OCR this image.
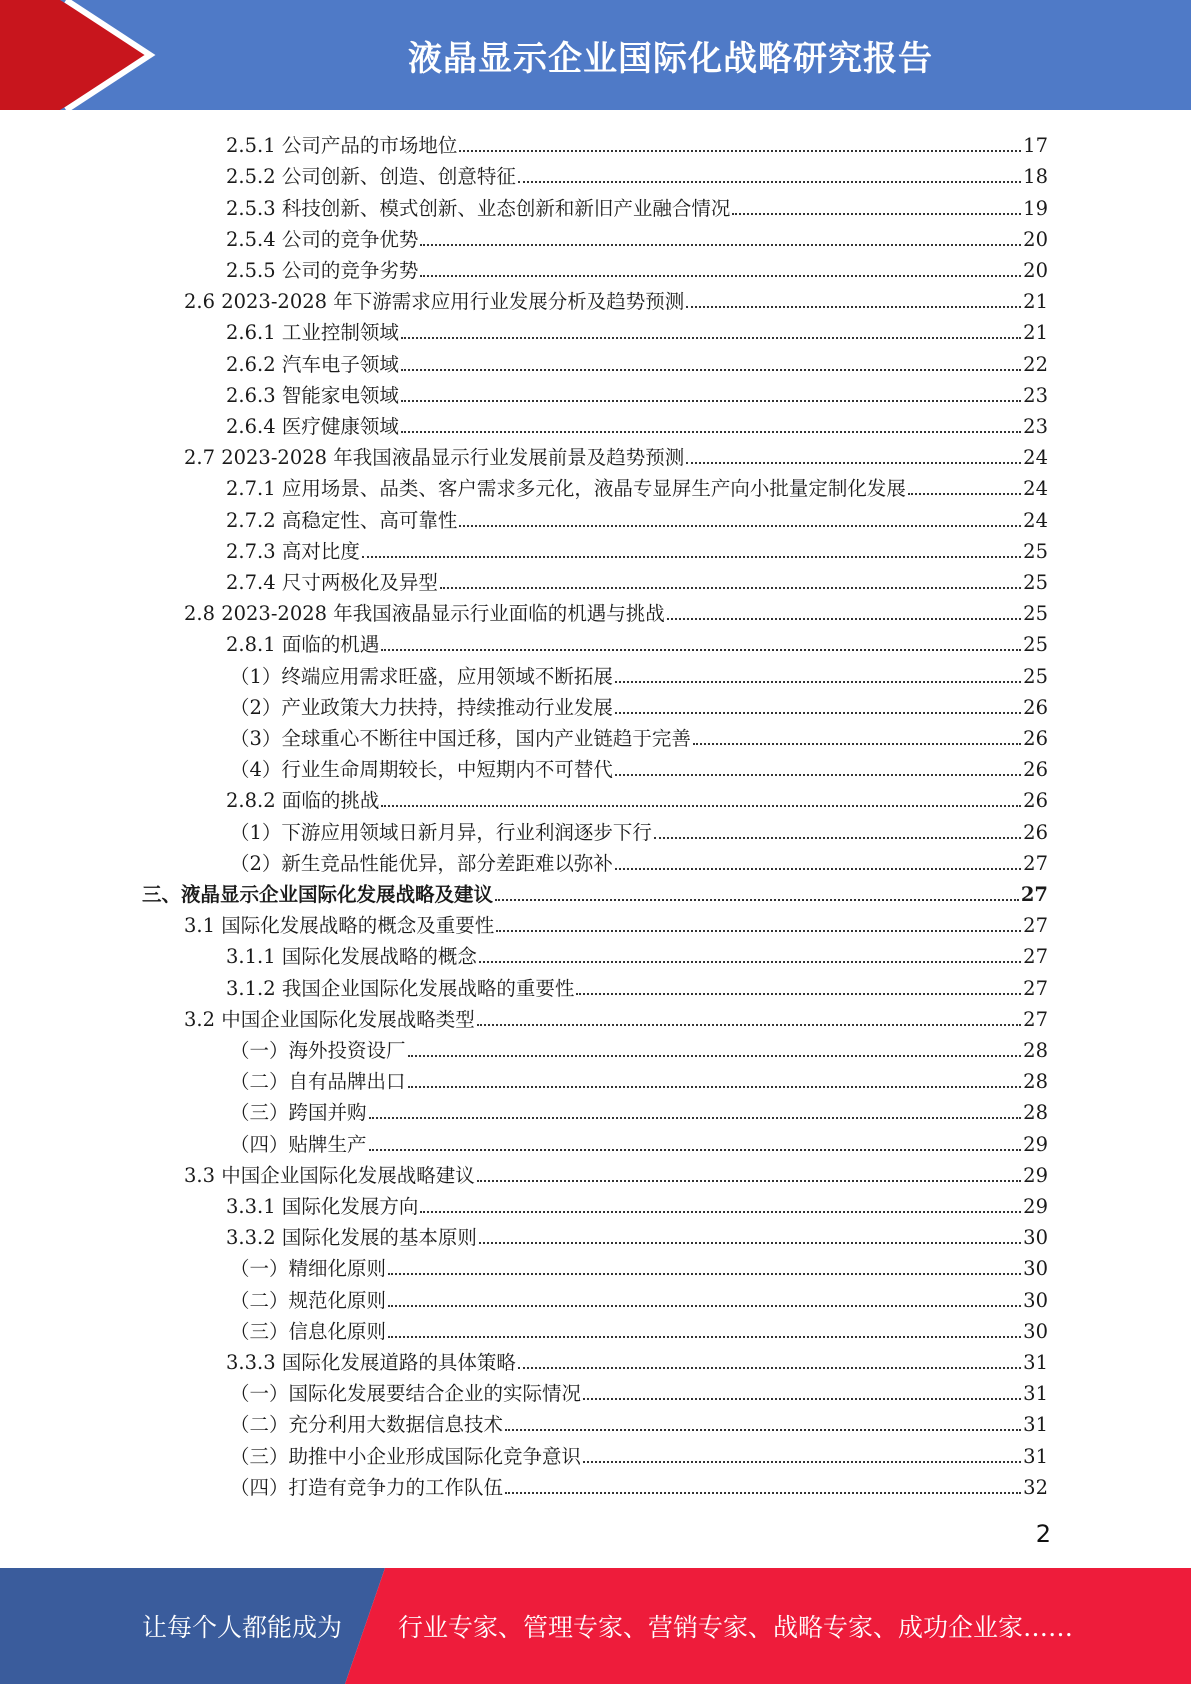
液晶显示企业国际化战略研究报告
2.5.1 公司产品的市场地位	17
2.5.2 公司创新、创造、创意特征	18
2.5.3 科技创新、模式创新、业态创新和新旧产业融合情况	19
2.5.4 公司的竞争优势	20
2.5.5 公司的竞争劣势	20
2.6 2023-2028 年下游需求应用行业发展分析及趋势预测	21
2.6.1 工业控制领域	21
2.6.2 汽车电子领域	22
2.6.3 智能家电领域	23
2.6.4 医疗健康领域	23
2.7 2023-2028 年我国液晶显示行业发展前景及趋势预测	24
2.7.1 应用场景、品类、客户需求多元化，液晶专显屏生产向小批量定制化发展	24
2.7.2 高稳定性、高可靠性	24
2.7.3 高对比度	25
2.7.4 尺寸两极化及异型	25
2.8 2023-2028 年我国液晶显示行业面临的机遇与挑战	25
2.8.1 面临的机遇	25
（1）终端应用需求旺盛，应用领域不断拓展	25
（2）产业政策大力扶持，持续推动行业发展	26
（3）全球重心不断往中国迁移，国内产业链趋于完善	26
（4）行业生命周期较长，中短期内不可替代	26
2.8.2 面临的挑战	26
（1）下游应用领域日新月异，行业利润逐步下行	26
（2）新生竞品性能优异，部分差距难以弥补	27
三、液晶显示企业国际化发展战略及建议	27
3.1 国际化发展战略的概念及重要性	27
3.1.1 国际化发展战略的概念	27
3.1.2 我国企业国际化发展战略的重要性	27
3.2 中国企业国际化发展战略类型	27
（一）海外投资设厂	28
（二）自有品牌出口	28
（三）跨国并购	28
（四）贴牌生产	29
3.3 中国企业国际化发展战略建议	29
3.3.1 国际化发展方向	29
3.3.2 国际化发展的基本原则	30
（一）精细化原则	30
（二）规范化原则	30
（三）信息化原则	30
3.3.3 国际化发展道路的具体策略	31
（一）国际化发展要结合企业的实际情况	31
（二）充分利用大数据信息技术	31
（三）助推中小企业形成国际化竞争意识	31
（四）打造有竞争力的工作队伍	32
2
让每个人都能成为 行业专家、管理专家、营销专家、战略专家、成功企业家……
